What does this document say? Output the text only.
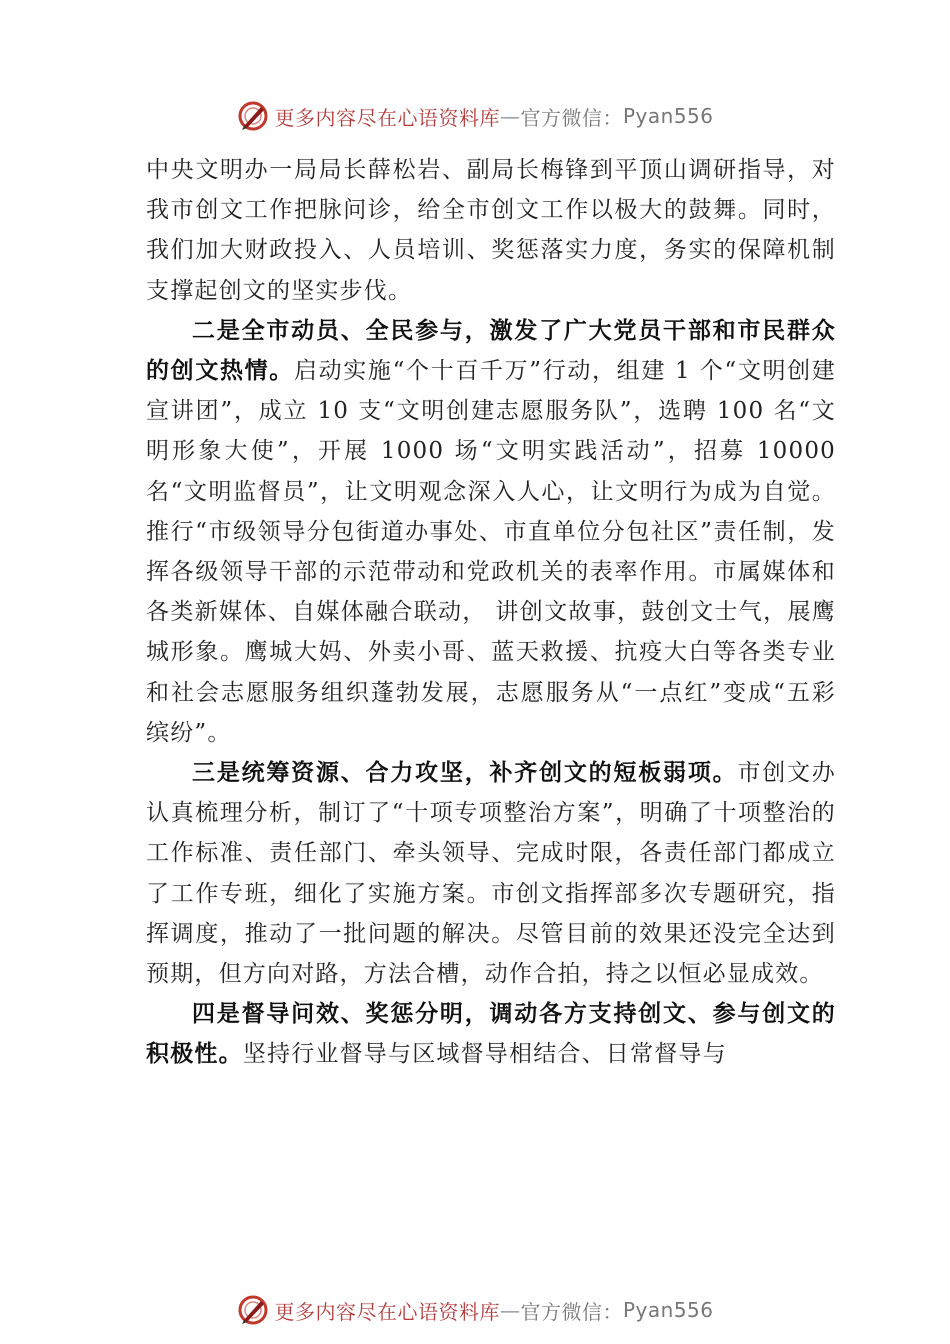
更多内容尽在心语资料库 — 官方微信： Pyan556

中央文明办一局局长薛松岩、副局长梅锋到平顶山调研指导，对我市创文工作把脉问诊，给全市创文工作以极大的鼓舞。同时，我们加大财政投入、人员培训、奖惩落实力度，务实的保障机制支撑起创文的坚实步伐。

二是全市动员、全民参与，激发了广大党员干部和市民群众的创文热情。启动实施“个十百千万”行动，组建 1 个“文明创建宣讲团”，成立 10 支“文明创建志愿服务队”，选聘 100 名“文明形象大使”，开展 1000 场“文明实践活动”，招募 10000 名“文明监督员”，让文明观念深入人心，让文明行为成为自觉。推行“市级领导分包街道办事处、市直单位分包社区”责任制，发挥各级领导干部的示范带动和党政机关的表率作用。市属媒体和各类新媒体、自媒体融合联动， 讲创文故事，鼓创文士气，展鹰城形象。鹰城大妈、外卖小哥、蓝天救援、抗疫大白等各类专业和社会志愿服务组织蓬勃发展，志愿服务从“一点红”变成“五彩缤纷”。

三是统筹资源、合力攻坚，补齐创文的短板弱项。市创文办认真梳理分析，制订了“十项专项整治方案”，明确了十项整治的工作标准、责任部门、牵头领导、完成时限，各责任部门都成立了工作专班，细化了实施方案。市创文指挥部多次专题研究，指挥调度，推动了一批问题的解决。尽管目前的效果还没完全达到预期，但方向对路，方法合槽，动作合拍，持之以恒必显成效。

四是督导问效、奖惩分明，调动各方支持创文、参与创文的积极性。坚持行业督导与区域督导相结合、日常督导与

更多内容尽在心语资料库 — 官方微信： Pyan556
